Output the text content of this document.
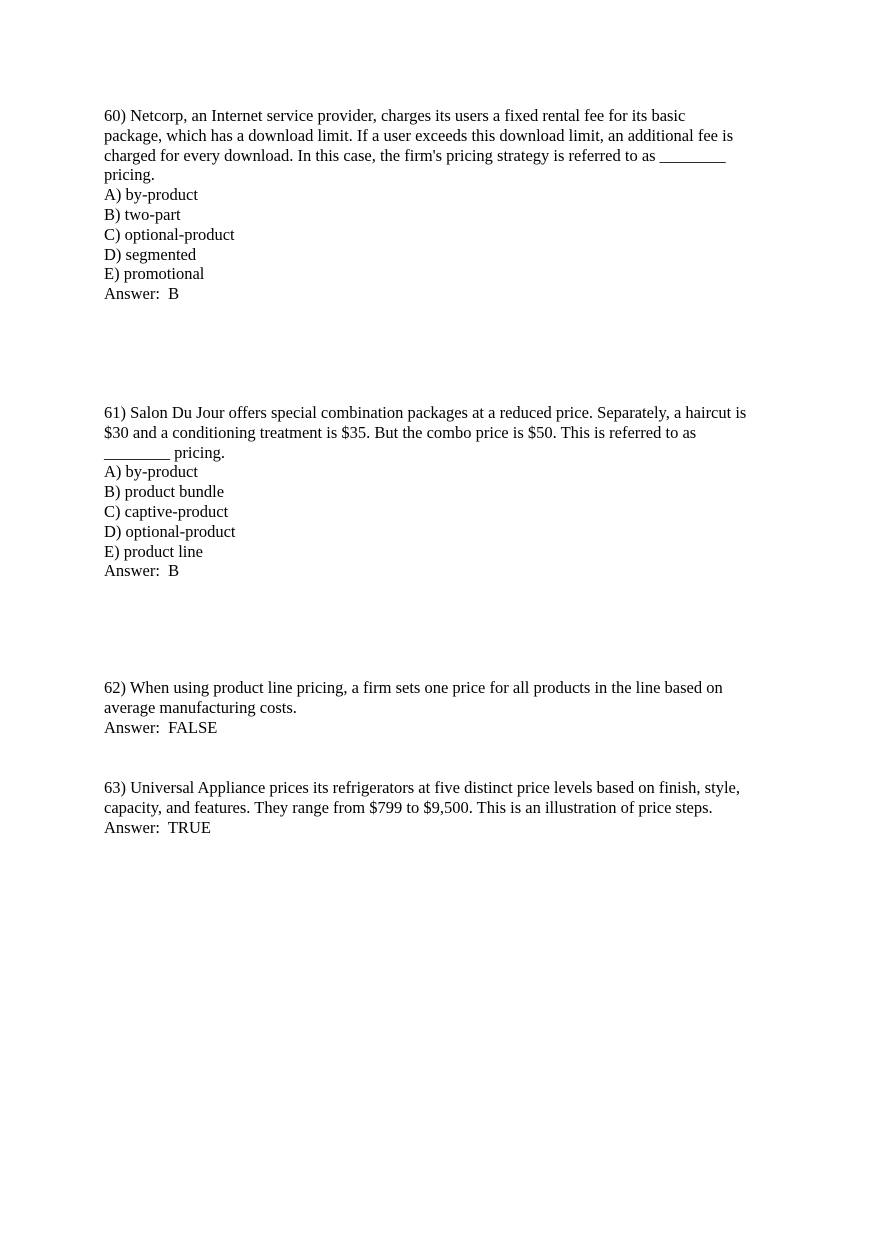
60) Netcorp, an Internet service provider, charges its users a fixed rental fee for its basic
package, which has a download limit. If a user exceeds this download limit, an additional fee is
charged for every download. In this case, the firm's pricing strategy is referred to as ________
pricing.

A) by-product
B) two-part
C) optional-product
D) segmented
E) promotional

Answer:  B

61) Salon Du Jour offers special combination packages at a reduced price. Separately, a haircut is
$30 and a conditioning treatment is $35. But the combo price is $50. This is referred to as
________ pricing.

A) by-product
B) product bundle
C) captive-product
D) optional-product
E) product line

Answer:  B

62) When using product line pricing, a firm sets one price for all products in the line based on
average manufacturing costs.

Answer:  FALSE

63) Universal Appliance prices its refrigerators at five distinct price levels based on finish, style,
capacity, and features. They range from $799 to $9,500. This is an illustration of price steps.

Answer:  TRUE
